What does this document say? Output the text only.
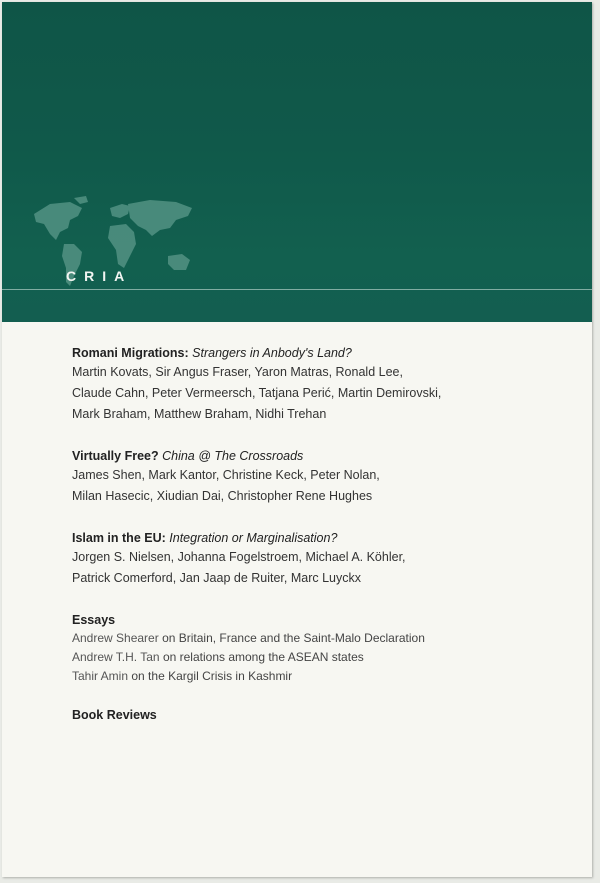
CRIA
Romani Migrations: Strangers in Anbody's Land?
Martin Kovats, Sir Angus Fraser, Yaron Matras, Ronald Lee,
Claude Cahn, Peter Vermeersch, Tatjana Perić, Martin Demirovski,
Mark Braham, Matthew Braham, Nidhi Trehan
Virtually Free? China @ The Crossroads
James Shen, Mark Kantor, Christine Keck, Peter Nolan,
Milan Hasecic, Xiudian Dai, Christopher Rene Hughes
Islam in the EU: Integration or Marginalisation?
Jorgen S. Nielsen, Johanna Fogelstroem, Michael A. Köhler,
Patrick Comerford, Jan Jaap de Ruiter, Marc Luyckx
Essays
Andrew Shearer on Britain, France and the Saint-Malo Declaration
Andrew T.H. Tan on relations among the ASEAN states
Tahir Amin on the Kargil Crisis in Kashmir
Book Reviews
